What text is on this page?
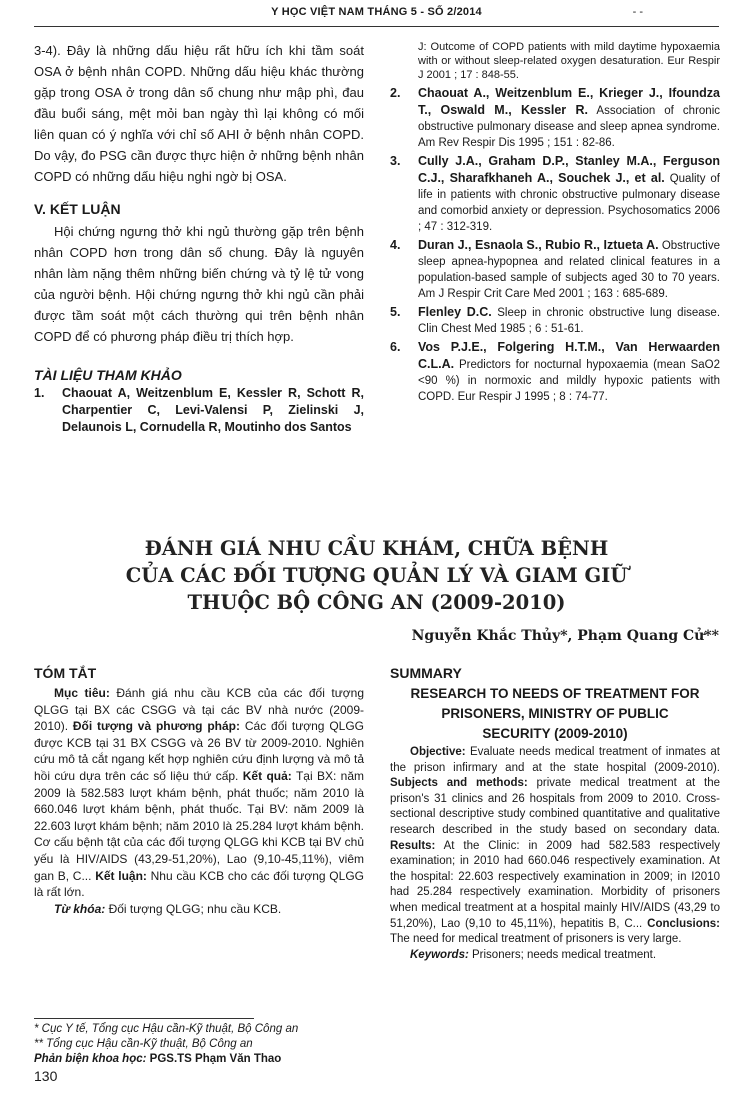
Y HỌC VIỆT NAM THÁNG 5 - SỐ 2/2014	- -

3-4). Đây là những dấu hiệu rất hữu ích khi tầm soát OSA ở bệnh nhân COPD. Những dấu hiệu khác thường gặp trong OSA ở trong dân số chung như mập phì, đau đầu buổi sáng, mệt mỏi ban ngày thì lại không có mối liên quan có ý nghĩa với chỉ số AHI ở bệnh nhân COPD. Do vậy, đo PSG cần được thực hiện ở những bệnh nhân COPD có những dấu hiệu nghi ngờ bị OSA.

V. KẾT LUẬN

Hội chứng ngưng thở khi ngủ thường gặp trên bệnh nhân COPD hơn trong dân số chung. Đây là nguyên nhân làm nặng thêm những biến chứng và tỷ lệ tử vong của người bệnh. Hội chứng ngưng thở khi ngủ cần phải được tầm soát một cách thường qui trên bệnh nhân COPD để có phương pháp điều trị thích hợp.

TÀI LIỆU THAM KHẢO
1. Chaouat A, Weitzenblum E, Kessler R, Schott R, Charpentier C, Levi-Valensi P, Zielinski J, Delaunois L, Cornudella R, Moutinho dos Santos
J: Outcome of COPD patients with mild daytime hypoxaemia with or without sleep-related oxygen desaturation. Eur Respir J 2001 ; 17 : 848-55.
2. Chaouat A., Weitzenblum E., Krieger J., Ifoundza T., Oswald M., Kessler R. Association of chronic obstructive pulmonary disease and sleep apnea syndrome. Am Rev Respir Dis 1995 ; 151 : 82-86.
3. Cully J.A., Graham D.P., Stanley M.A., Ferguson C.J., Sharafkhaneh A., Souchek J., et al. Quality of life in patients with chronic obstructive pulmonary disease and comorbid anxiety or depression. Psychosomatics 2006 ; 47 : 312-319.
4. Duran J., Esnaola S., Rubio R., Iztueta A. Obstructive sleep apnea-hypopnea and related clinical features in a population-based sample of subjects aged 30 to 70 years. Am J Respir Crit Care Med 2001 ; 163 : 685-689.
5. Flenley D.C. Sleep in chronic obstructive lung disease. Clin Chest Med 1985 ; 6 : 51-61.
6. Vos P.J.E., Folgering H.T.M., Van Herwaarden C.L.A. Predictors for nocturnal hypoxaemia (mean SaO2 <90 %) in normoxic and mildly hypoxic patients with COPD. Eur Respir J 1995 ; 8 : 74-77.
ĐÁNH GIÁ NHU CẦU KHÁM, CHỮA BỆNH
CỦA CÁC ĐỐI TƯỢNG QUẢN LÝ VÀ GIAM GIỮ
THUỘC BỘ CÔNG AN (2009-2010)
Nguyễn Khắc Thủy*, Phạm Quang Cử**
TÓM TẮT

Mục tiêu: Đánh giá nhu cầu KCB của các đối tượng QLGG tại BX các CSGG và tại các BV nhà nước (2009-2010). Đối tượng và phương pháp: Các đối tượng QLGG được KCB tại 31 BX CSGG và 26 BV từ 2009-2010. Nghiên cứu mô tả cắt ngang kết hợp nghiên cứu định lượng và mô tả hồi cứu dựa trên các số liệu thứ cấp. Kết quả: Tại BX: năm 2009 là 582.583 lượt khám bệnh, phát thuốc; năm 2010 là 660.046 lượt khám bệnh, phát thuốc. Tại BV: năm 2009 là 22.603 lượt khám bệnh; năm 2010 là 25.284 lượt khám bệnh. Cơ cấu bệnh tật của các đối tượng QLGG khi KCB tại BV chủ yếu là HIV/AIDS (43,29-51,20%), Lao (9,10-45,11%), viêm gan B, C... Kết luận: Nhu cầu KCB cho các đối tượng QLGG là rất lớn.

Từ khóa: Đối tượng QLGG; nhu cầu KCB.

SUMMARY
RESEARCH TO NEEDS OF TREATMENT FOR
PRISONERS, MINISTRY OF PUBLIC
SECURITY (2009-2010)

Objective: Evaluate needs medical treatment of inmates at the prison infirmary and at the state hospital (2009-2010). Subjects and methods: private medical treatment at the prison's 31 clinics and 26 hospitals from 2009 to 2010. Cross-sectional descriptive study combined quantitative and qualitative research described in the study based on secondary data. Results: At the Clinic: in 2009 had 582.583 respectively examination; in 2010 had 660.046 respectively examination. At the hospital: 22.603 respectively examination in 2009; in I2010 had 25.284 respectively examination. Morbidity of prisoners when medical treatment at a hospital mainly HIV/AIDS (43,29 to 51,20%), Lao (9,10 to 45,11%), hepatitis B, C... Conclusions: The need for medical treatment of prisoners is very large.

Keywords: Prisoners; needs medical treatment.

* Cục Y tế, Tổng cục Hậu cần-Kỹ thuật, Bộ Công an
** Tổng cục Hậu cần-Kỹ thuật, Bộ Công an
Phản biện khoa học: PGS.TS Phạm Văn Thao
130
